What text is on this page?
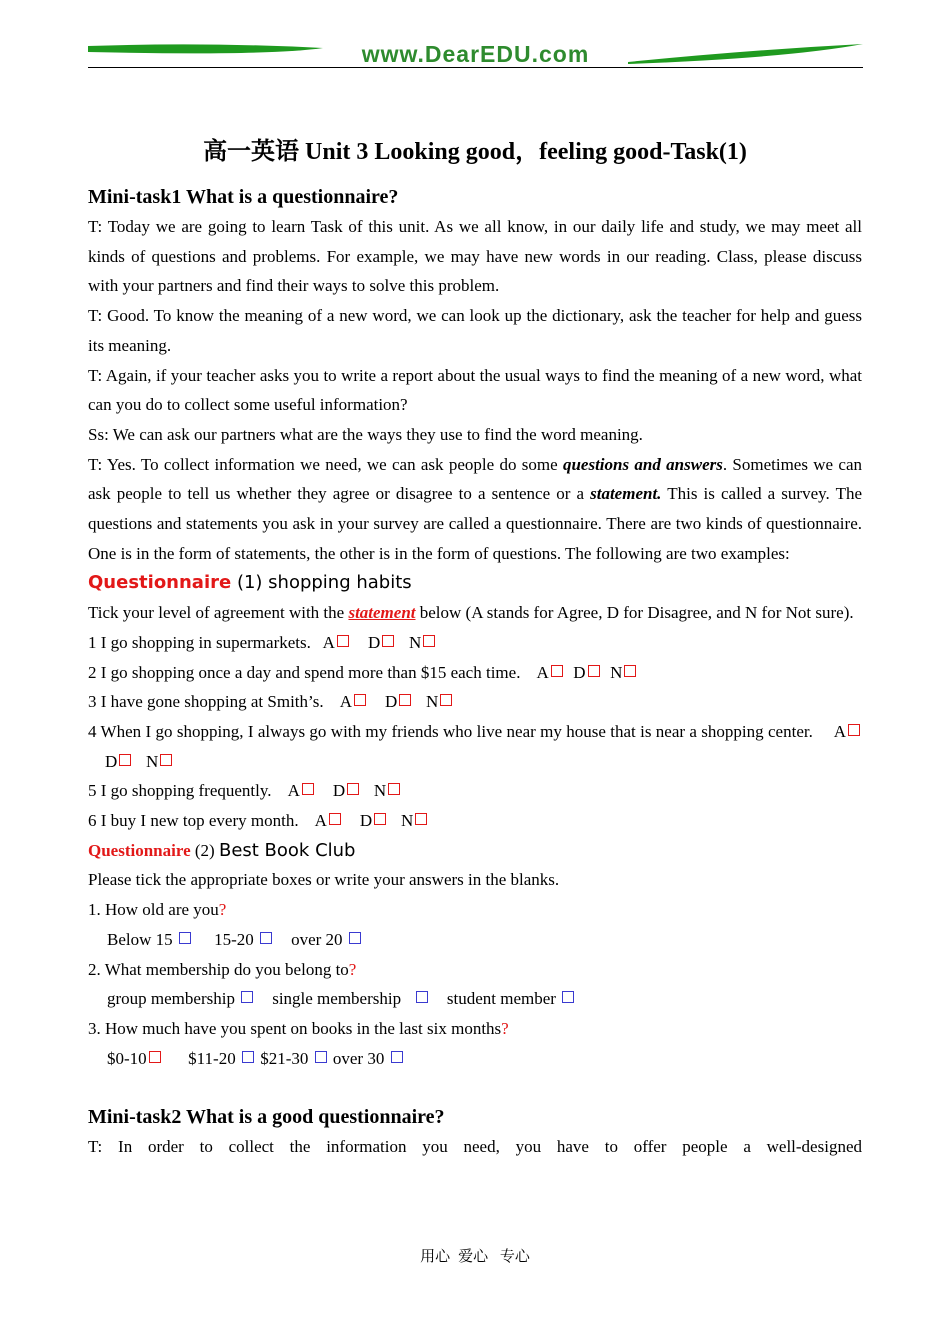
www.DearEDU.com
高一英语 Unit 3 Looking good，feeling good-Task(1)
Mini-task1 What is a questionnaire?

T: Today we are going to learn Task of this unit. As we all know, in our daily life and study, we may meet all kinds of questions and problems. For example, we may have new words in our reading. Class, please discuss with your partners and find their ways to solve this problem.

T: Good. To know the meaning of a new word, we can look up the dictionary, ask the teacher for help and guess its meaning.

T: Again, if your teacher asks you to write a report about the usual ways to find the meaning of a new word, what can you do to collect some useful information?

Ss: We can ask our partners what are the ways they use to find the word meaning.

T: Yes. To collect information we need, we can ask people do some questions and answers. Sometimes we can ask people to tell us whether they agree or disagree to a sentence or a statement. This is called a survey. The questions and statements you ask in your survey are called a questionnaire. There are two kinds of questionnaire. One is in the form of statements, the other is in the form of questions. The following are two examples:

Questionnaire (1) shopping habits

Tick your level of agreement with the statement below (A stands for Agree, D for Disagree, and N for Not sure).

1 I go shopping in supermarkets. A D N

2 I go shopping once a day and spend more than $15 each time. A D N

3 I have gone shopping at Smith’s. A D N

4 When I go shopping, I always go with my friends who live near my house that is near a shopping center. A    D N

5 I go shopping frequently. A D N

6 I buy I new top every month. A D N

Questionnaire (2) Best Book Club

Please tick the appropriate boxes or write your answers in the blanks.

1. How old are you?

Below 15 15-20 over 20

2. What membership do you belong to?

group membership single membership	student member

3. How much have you spent on books in the last six months?

$0-10 $11-20 $21-30 over 30

Mini-task2 What is a good questionnaire?

T: In order to collect the information you need, you have to offer people a well-designed

用心 爱心 专心
